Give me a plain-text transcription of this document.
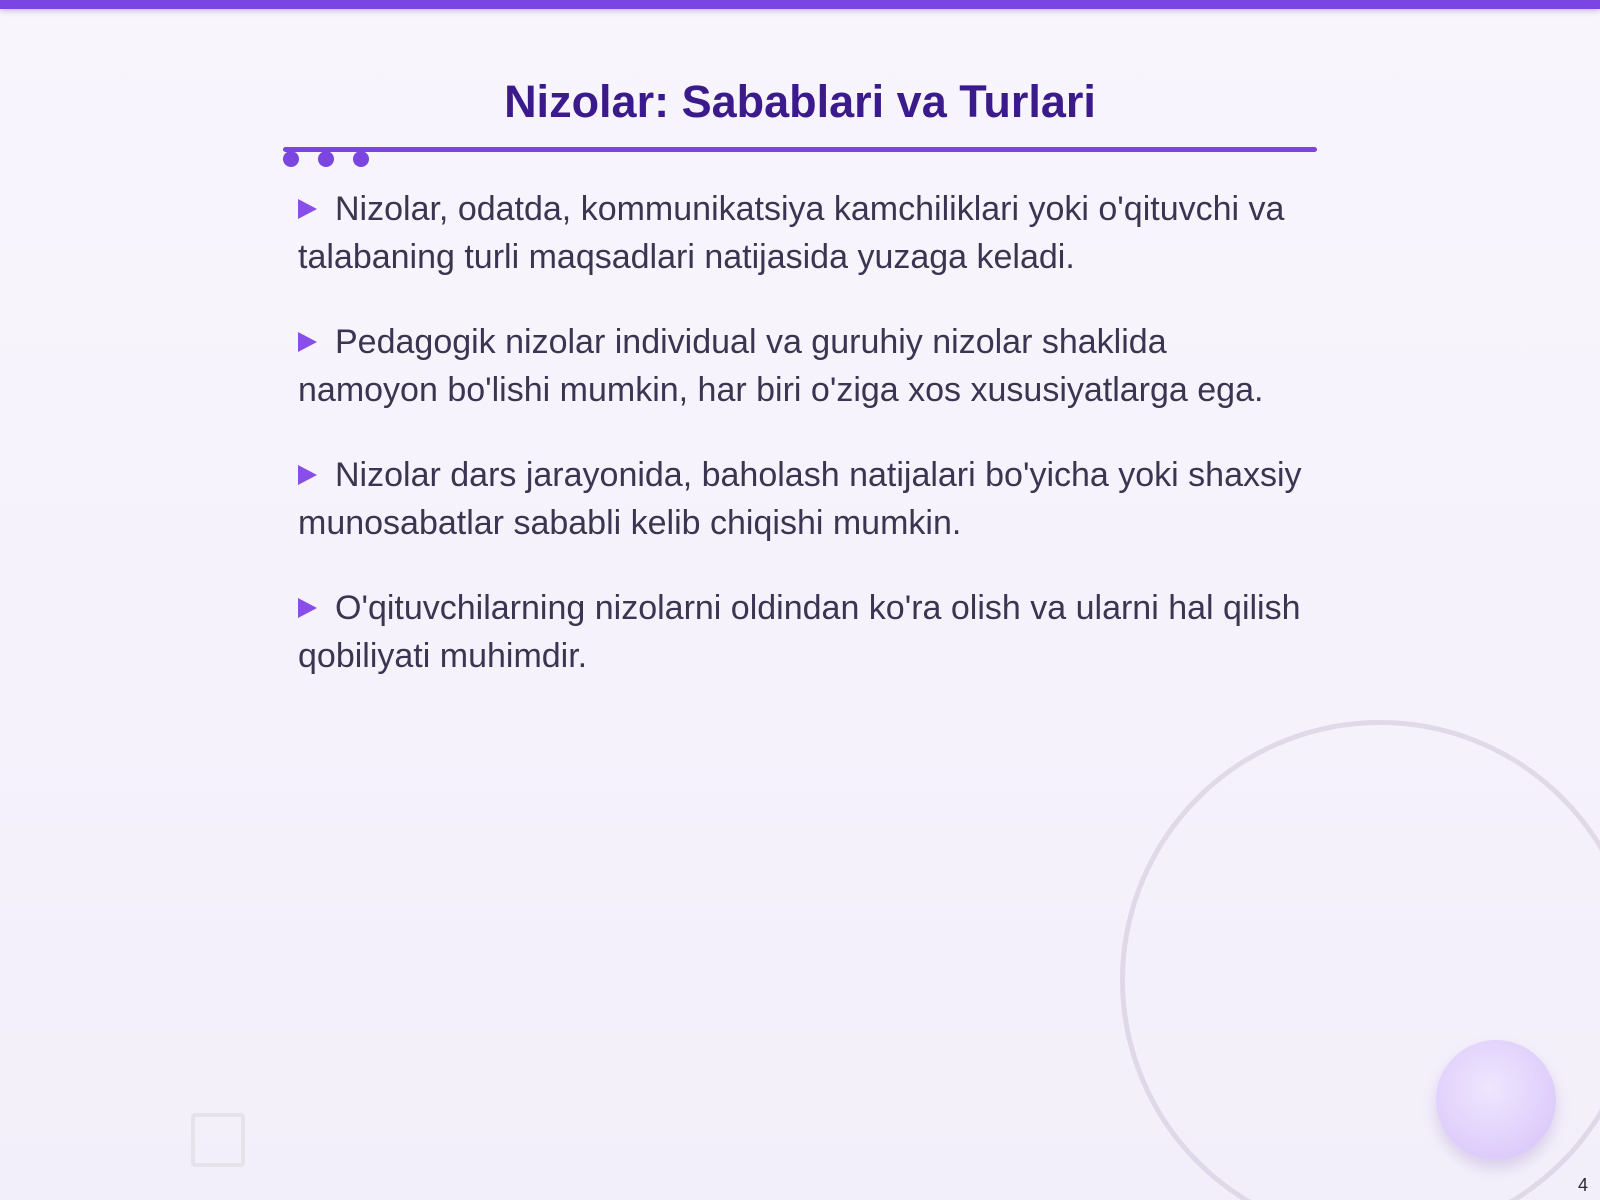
Nizolar: Sabablari va Turlari
Nizolar, odatda, kommunikatsiya kamchiliklari yoki o'qituvchi va talabaning turli maqsadlari natijasida yuzaga keladi.
Pedagogik nizolar individual va guruhiy nizolar shaklida namoyon bo'lishi mumkin, har biri o'ziga xos xususiyatlarga ega.
Nizolar dars jarayonida, baholash natijalari bo'yicha yoki shaxsiy munosabatlar sababli kelib chiqishi mumkin.
O'qituvchilarning nizolarni oldindan ko'ra olish va ularni hal qilish qobiliyati muhimdir.
4
